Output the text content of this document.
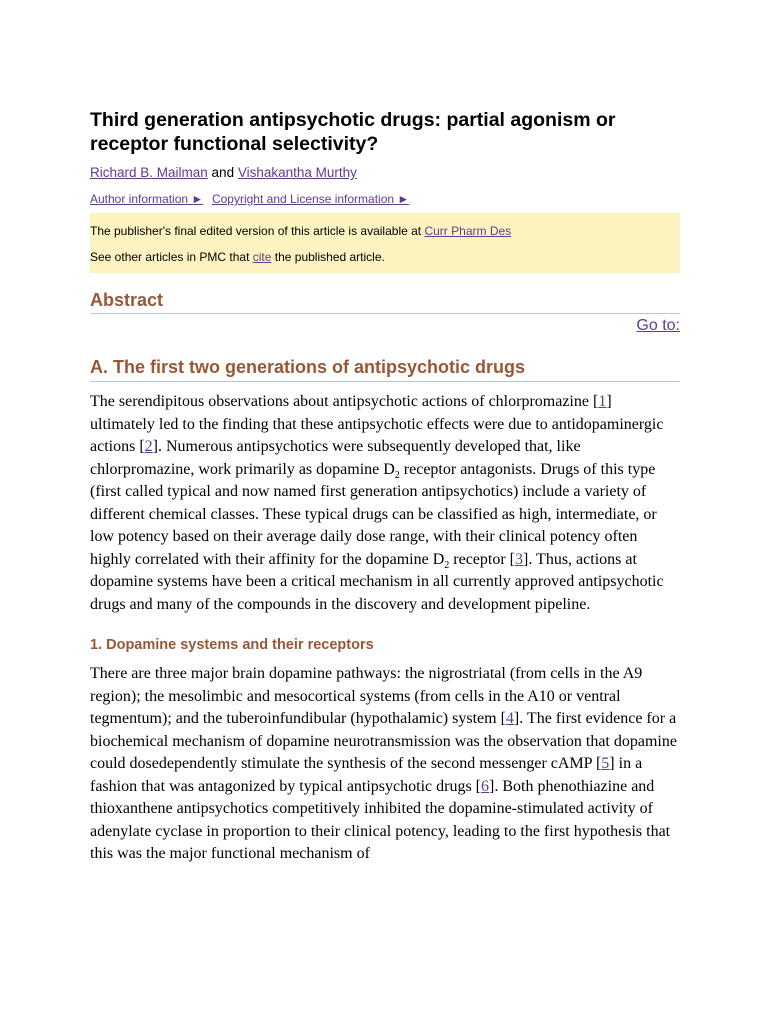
Third generation antipsychotic drugs: partial agonism or receptor functional selectivity?
Richard B. Mailman and Vishakantha Murthy
Author information ► Copyright and License information ►
The publisher's final edited version of this article is available at Curr Pharm Des
See other articles in PMC that cite the published article.
Abstract
Go to:
A. The first two generations of antipsychotic drugs

The serendipitous observations about antipsychotic actions of chlorpromazine [1] ultimately led to the finding that these antipsychotic effects were due to antidopaminergic actions [2]. Numerous antipsychotics were subsequently developed that, like chlorpromazine, work primarily as dopamine $D_2$ receptor antagonists. Drugs of this type (first called typical and now named first generation antipsychotics) include a variety of different chemical classes. These typical drugs can be classified as high, intermediate, or low potency based on their average daily dose range, with their clinical potency often highly correlated with their affinity for the dopamine $D_2$ receptor [3]. Thus, actions at dopamine systems have been a critical mechanism in all currently approved antipsychotic drugs and many of the compounds in the discovery and development pipeline.

1. Dopamine systems and their receptors

There are three major brain dopamine pathways: the nigrostriatal (from cells in the A9 region); the mesolimbic and mesocortical systems (from cells in the A10 or ventral tegmentum); and the tuberoinfundibular (hypothalamic) system [4]. The first evidence for a biochemical mechanism of dopamine neurotransmission was the observation that dopamine could dosedependently stimulate the synthesis of the second messenger cAMP [5] in a fashion that was antagonized by typical antipsychotic drugs [6]. Both phenothiazine and thioxanthene antipsychotics competitively inhibited the dopamine-stimulated activity of adenylate cyclase in proportion to their clinical potency, leading to the first hypothesis that this was the major functional mechanism of
